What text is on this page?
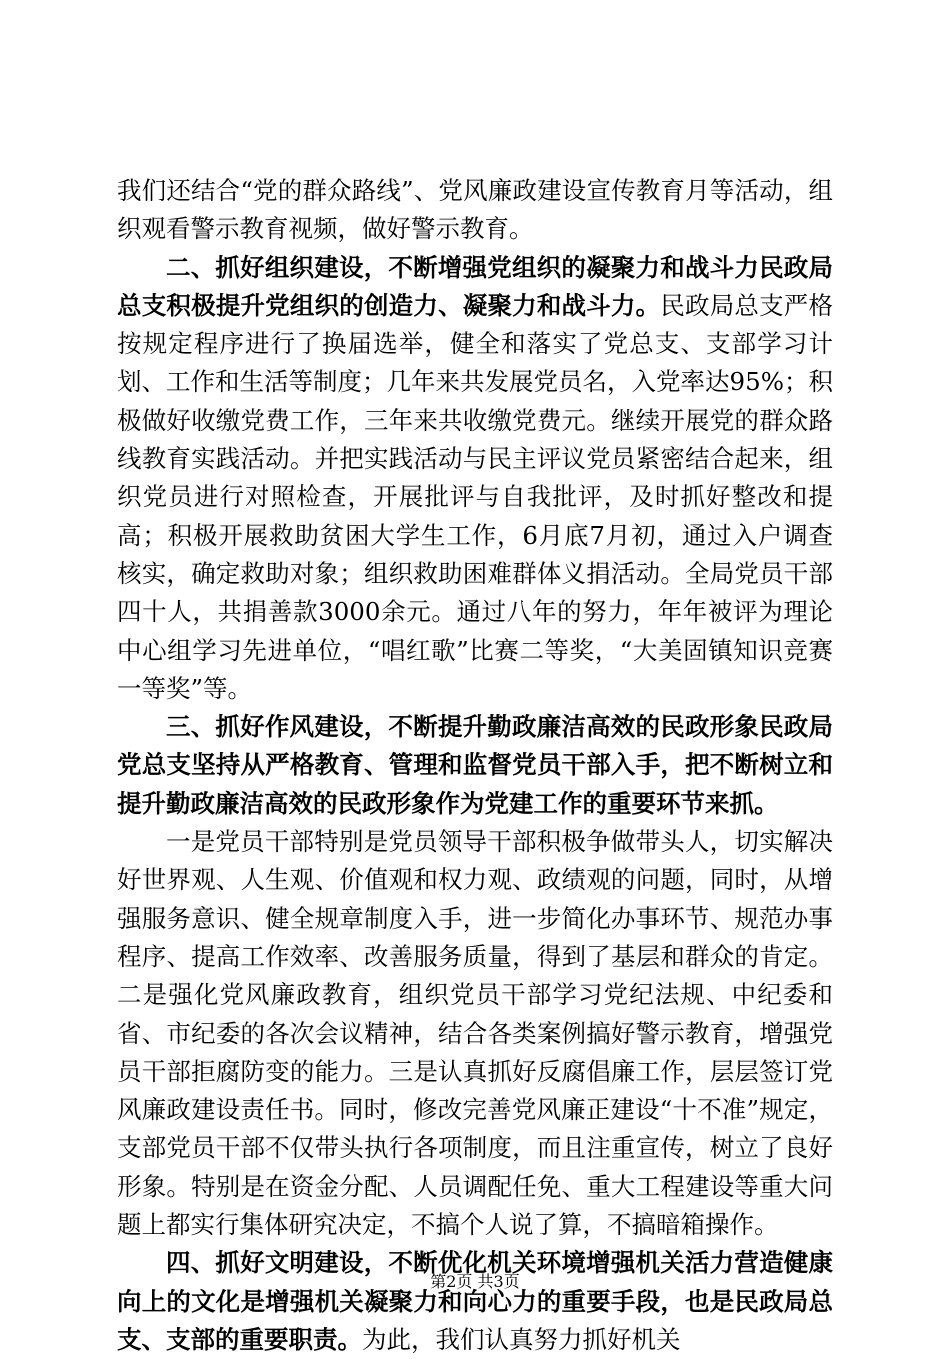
我们还结合“党的群众路线”、党风廉政建设宣传教育月等活动，组织观看警示教育视频，做好警示教育。

二、抓好组织建设，不断增强党组织的凝聚力和战斗力民政局总支积极提升党组织的创造力、凝聚力和战斗力。民政局总支严格按规定程序进行了换届选举，健全和落实了党总支、支部学习计划、工作和生活等制度；几年来共发展党员名，入党率达95%；积极做好收缴党费工作，三年来共收缴党费元。继续开展党的群众路线教育实践活动。并把实践活动与民主评议党员紧密结合起来，组织党员进行对照检查，开展批评与自我批评，及时抓好整改和提高；积极开展救助贫困大学生工作，6月底7月初，通过入户调查核实，确定救助对象；组织救助困难群体义捐活动。全局党员干部四十人，共捐善款3000余元。通过八年的努力，年年被评为理论中心组学习先进单位，“唱红歌”比赛二等奖，“大美固镇知识竞赛一等奖”等。

三、抓好作风建设，不断提升勤政廉洁高效的民政形象民政局党总支坚持从严格教育、管理和监督党员干部入手，把不断树立和提升勤政廉洁高效的民政形象作为党建工作的重要环节来抓。

一是党员干部特别是党员领导干部积极争做带头人，切实解决好世界观、人生观、价值观和权力观、政绩观的问题，同时，从增强服务意识、健全规章制度入手，进一步简化办事环节、规范办事程序、提高工作效率、改善服务质量，得到了基层和群众的肯定。二是强化党风廉政教育，组织党员干部学习党纪法规、中纪委和省、市纪委的各次会议精神，结合各类案例搞好警示教育，增强党员干部拒腐防变的能力。三是认真抓好反腐倡廉工作，层层签订党风廉政建设责任书。同时，修改完善党风廉正建设“十不准”规定，支部党员干部不仅带头执行各项制度，而且注重宣传，树立了良好形象。特别是在资金分配、人员调配任免、重大工程建设等重大问题上都实行集体研究决定，不搞个人说了算，不搞暗箱操作。

四、抓好文明建设，不断优化机关环境增强机关活力营造健康向上的文化是增强机关凝聚力和向心力的重要手段，也是民政局总支、支部的重要职责。为此，我们认真努力抓好机关

第2页 共3页
